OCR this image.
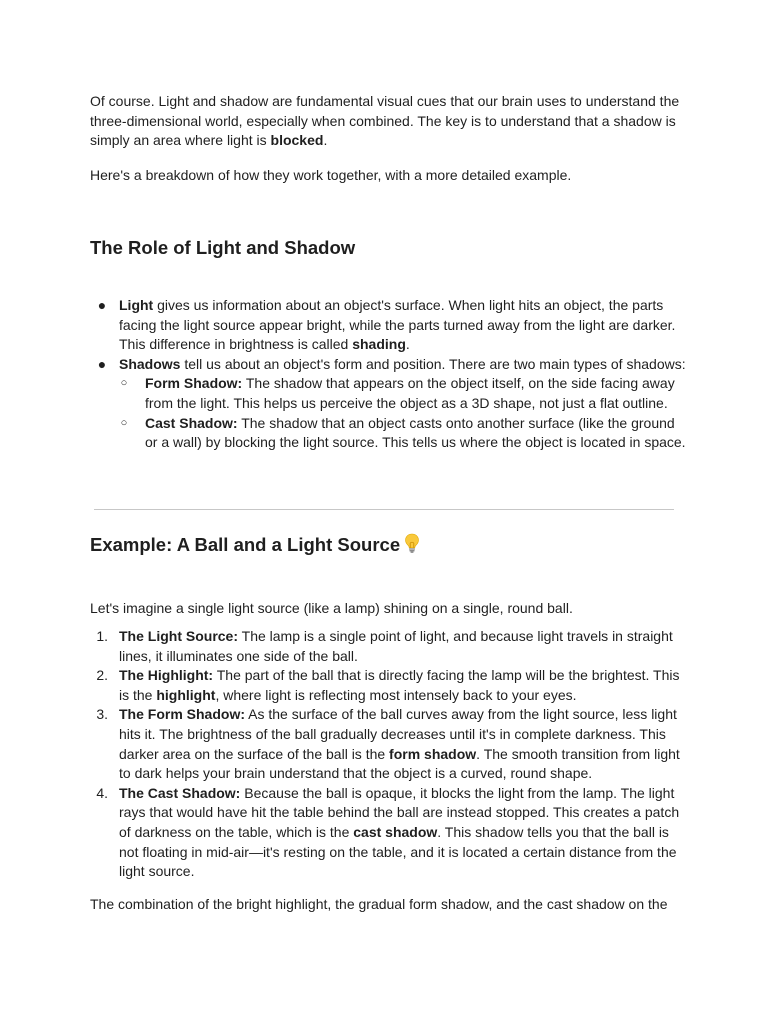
Of course. Light and shadow are fundamental visual cues that our brain uses to understand the three-dimensional world, especially when combined. The key is to understand that a shadow is simply an area where light is blocked.

Here's a breakdown of how they work together, with a more detailed example.

The Role of Light and Shadow
● Light gives us information about an object's surface. When light hits an object, the parts facing the light source appear bright, while the parts turned away from the light are darker. This difference in brightness is called shading.
● Shadows tell us about an object's form and position. There are two main types of shadows:
○	Form Shadow: The shadow that appears on the object itself, on the side facing away from the light. This helps us perceive the object as a 3D shape, not just a flat outline.
○	Cast Shadow: The shadow that an object casts onto another surface (like the ground or a wall) by blocking the light source. This tells us where the object is located in space.
Example: A Ball and a Light Source

Let's imagine a single light source (like a lamp) shining on a single, round ball.

1. The Light Source: The lamp is a single point of light, and because light travels in straight lines, it illuminates one side of the ball.
2. The Highlight: The part of the ball that is directly facing the lamp will be the brightest. This is the highlight, where light is reflecting most intensely back to your eyes.
3. The Form Shadow: As the surface of the ball curves away from the light source, less light hits it. The brightness of the ball gradually decreases until it's in complete darkness. This darker area on the surface of the ball is the form shadow. The smooth transition from light to dark helps your brain understand that the object is a curved, round shape.
4. The Cast Shadow: Because the ball is opaque, it blocks the light from the lamp. The light rays that would have hit the table behind the ball are instead stopped. This creates a patch of darkness on the table, which is the cast shadow. This shadow tells you that the ball is not floating in mid-air—it's resting on the table, and it is located a certain distance from the light source.

The combination of the bright highlight, the gradual form shadow, and the cast shadow on the
